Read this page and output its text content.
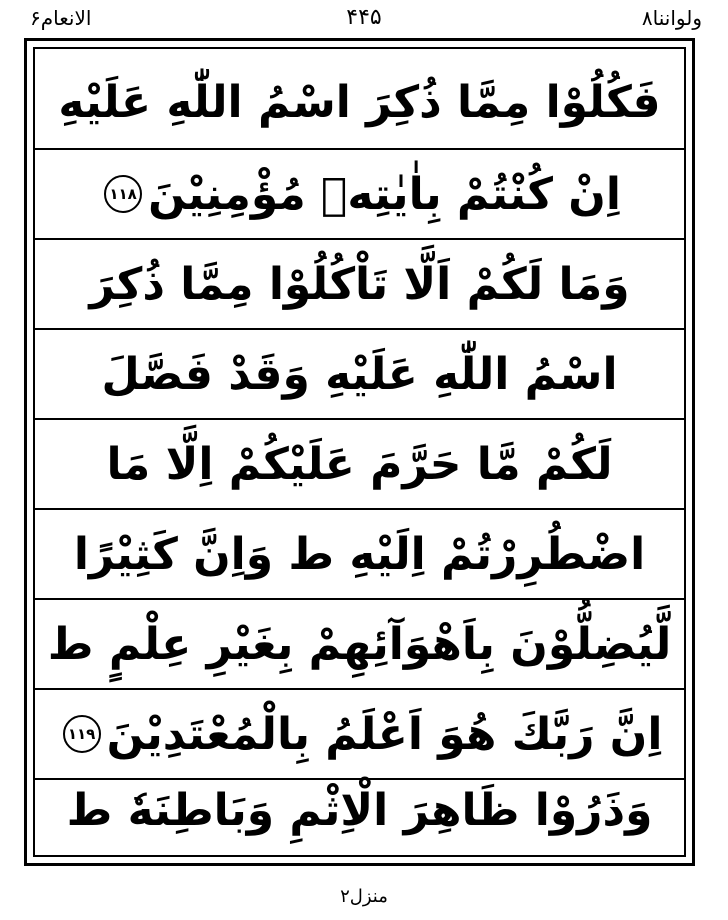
الانعام۶	۴۴۵	ولواننا۸
فَكُلُوْا مِمَّا ذُكِرَ اسْمُ اللّٰهِ عَلَيْهِ
اِنْ كُنْتُمْ بِاٰيٰتِهٖ مُؤْمِنِيْنَ
۱۱۸
وَمَا لَكُمْ اَلَّا تَاْكُلُوْا مِمَّا ذُكِرَ
اسْمُ اللّٰهِ عَلَيْهِ وَقَدْ فَصَّلَ
لَكُمْ مَّا حَرَّمَ عَلَيْكُمْ اِلَّا مَا
اضْطُرِرْتُمْ اِلَيْهِ ط وَاِنَّ كَثِيْرًا
لَّيُضِلُّوْنَ بِاَهْوَآئِهِمْ بِغَيْرِ عِلْمٍ ط
اِنَّ رَبَّكَ هُوَ اَعْلَمُ بِالْمُعْتَدِيْنَ
۱۱۹
وَذَرُوْا ظَاهِرَ الْاِثْمِ وَبَاطِنَهٗ ط
منزل۲
